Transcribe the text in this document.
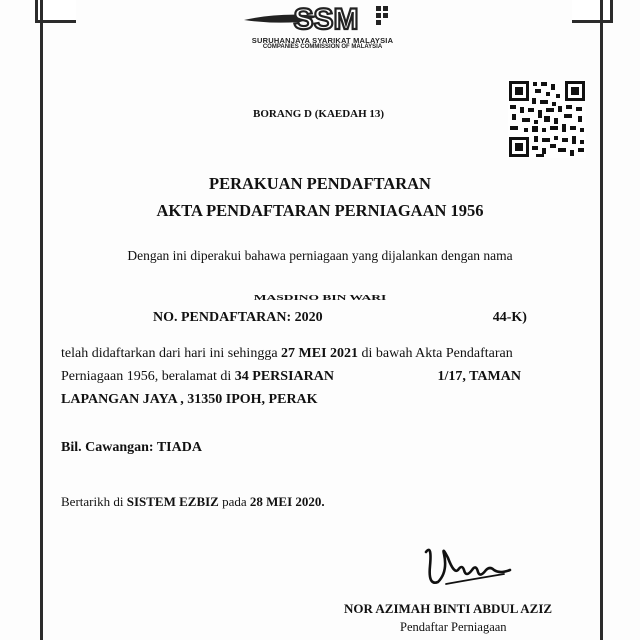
SSM
SURUHANJAYA SYARIKAT MALAYSIA
COMPANIES COMMISSION OF MALAYSIA
BORANG D (KAEDAH 13)
PERAKUAN PENDAFTARAN
AKTA PENDAFTARAN PERNIAGAAN 1956
Dengan ini diperakui bahawa perniagaan yang dijalankan dengan nama
MASDINO BIN WARI
NO. PENDAFTARAN: 2020	44-K)
telah didaftarkan dari hari ini sehingga 27 MEI 2021 di bawah Akta Pendaftaran
Perniagaan 1956, beralamat di 34 PERSIARAN	1/17, TAMAN
LAPANGAN JAYA , 31350 IPOH, PERAK
Bil. Cawangan: TIADA
Bertarikh di SISTEM EZBIZ pada 28 MEI 2020.
NOR AZIMAH BINTI ABDUL AZIZ
Pendaftar Perniagaan
